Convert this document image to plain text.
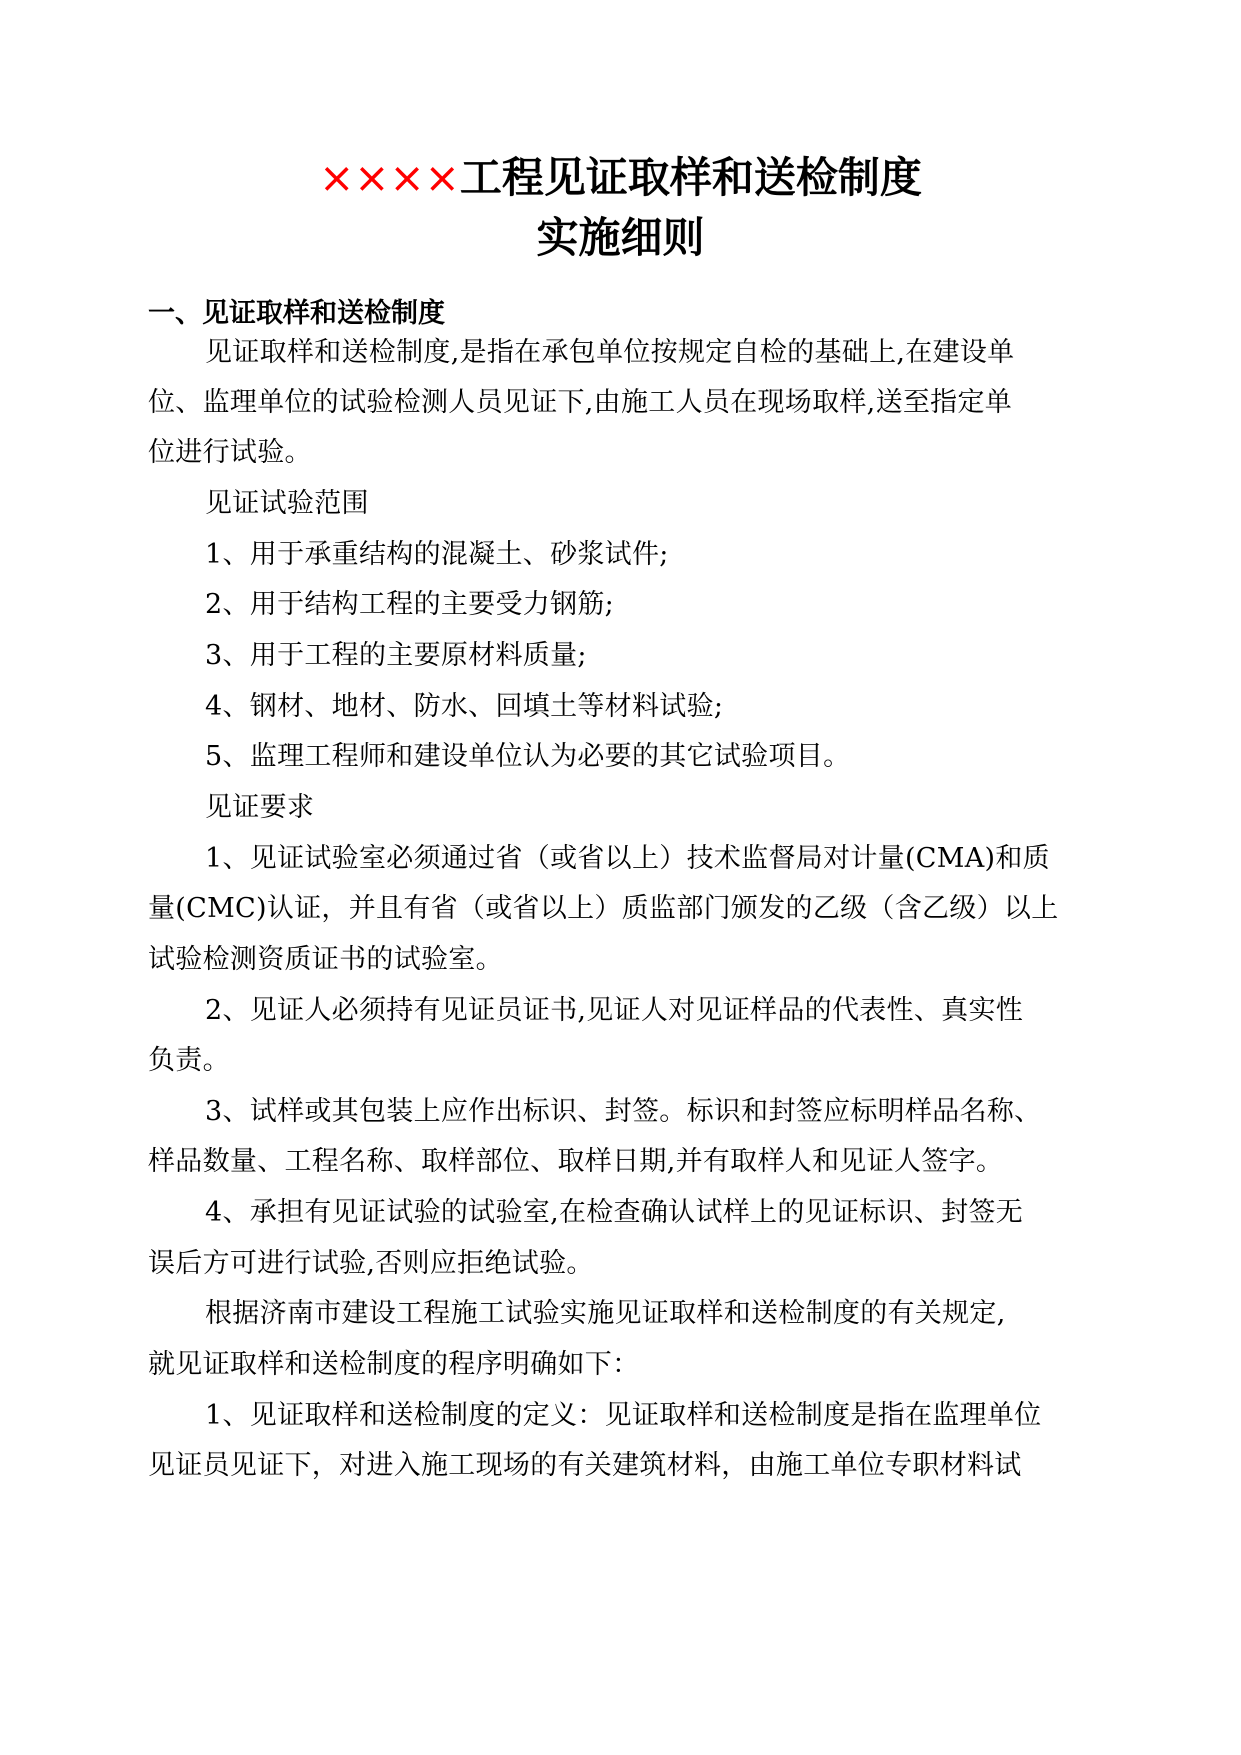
××××工程见证取样和送检制度
实施细则
一、见证取样和送检制度
见证取样和送检制度,是指在承包单位按规定自检的基础上,在建设单
位、监理单位的试验检测人员见证下,由施工人员在现场取样,送至指定单
位进行试验。
见证试验范围
1、用于承重结构的混凝土、砂浆试件;
2、用于结构工程的主要受力钢筋;
3、用于工程的主要原材料质量;
4、钢材、地材、防水、回填土等材料试验;
5、监理工程师和建设单位认为必要的其它试验项目。
见证要求
1、见证试验室必须通过省（或省以上）技术监督局对计量(CMA)和质
量(CMC)认证，并且有省（或省以上）质监部门颁发的乙级（含乙级）以上
试验检测资质证书的试验室。
2、见证人必须持有见证员证书,见证人对见证样品的代表性、真实性
负责。
3、试样或其包装上应作出标识、封签。标识和封签应标明样品名称、
样品数量、工程名称、取样部位、取样日期,并有取样人和见证人签字。
4、承担有见证试验的试验室,在检查确认试样上的见证标识、封签无
误后方可进行试验,否则应拒绝试验。
根据济南市建设工程施工试验实施见证取样和送检制度的有关规定,
就见证取样和送检制度的程序明确如下：
1、见证取样和送检制度的定义：见证取样和送检制度是指在监理单位
见证员见证下，对进入施工现场的有关建筑材料，由施工单位专职材料试
